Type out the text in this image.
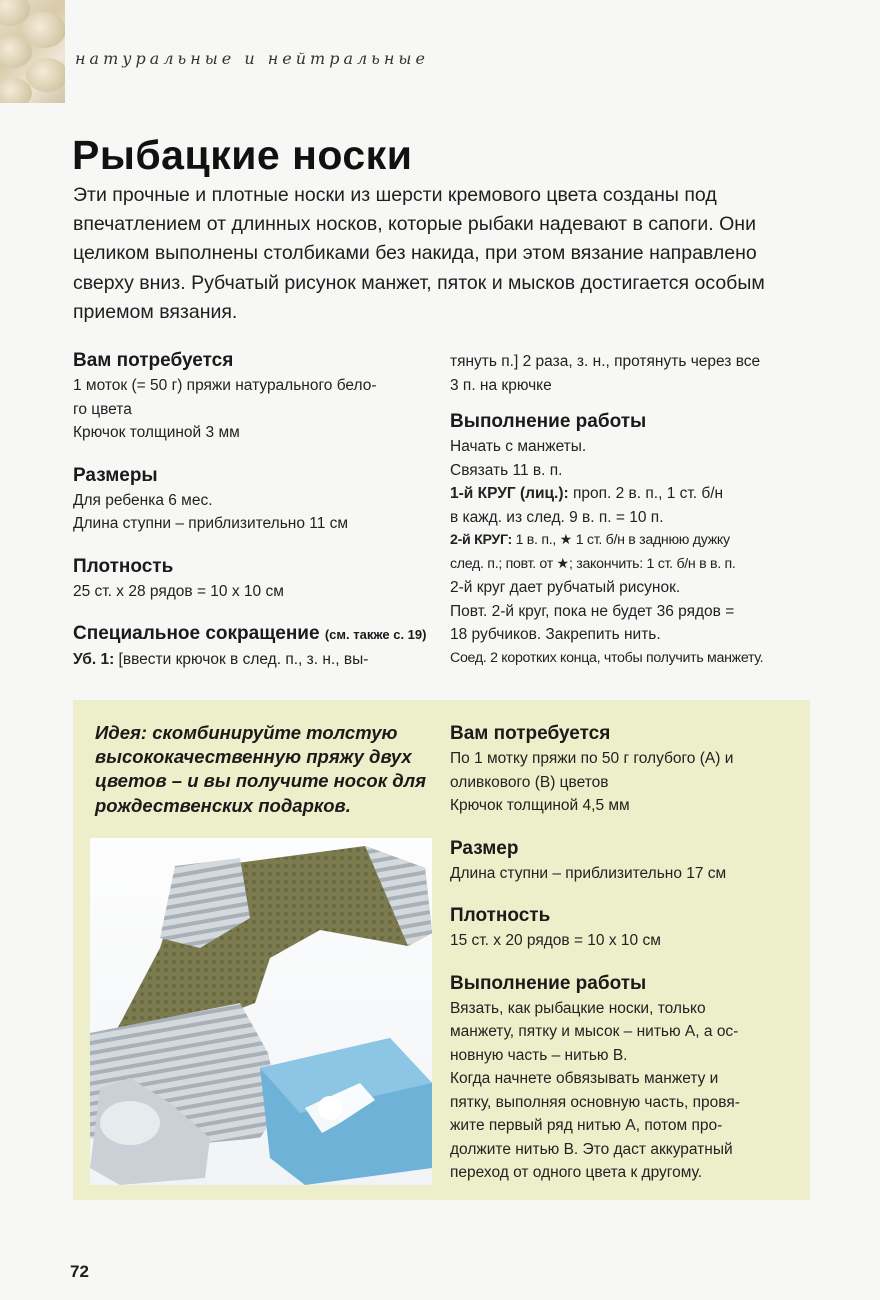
натуральные и нейтральные
Рыбацкие носки

Эти прочные и плотные носки из шерсти кремового цвета созданы под впечатлением от длинных носков, которые рыбаки надевают в сапоги. Они целиком выполнены столбиками без накида, при этом вязание направлено сверху вниз. Рубчатый рисунок манжет, пяток и мысков достигается особым приемом вязания.

Вам потребуется

1 моток (= 50 г) пряжи натурального бело-

го цвета

Крючок толщиной 3 мм

Размеры

Для ребенка 6 мес.

Длина ступни – приблизительно 11 см

Плотность

25 ст. х 28 рядов = 10 х 10 см

Специальное сокращение (см. также с. 19)

Уб. 1: [ввести крючок в след. п., з. н., вы-

тянуть п.] 2 раза, з. н., протянуть через все

3 п. на крючке

Выполнение работы

Начать с манжеты.

Связать 11 в. п.

1-й КРУГ (лиц.): проп. 2 в. п., 1 ст. б/н

в кажд. из след. 9 в. п. = 10 п.

2-й КРУГ: 1 в. п., ★ 1 ст. б/н в заднюю дужку

след. п.; повт. от ★; закончить: 1 ст. б/н в в. п.

2-й круг дает рубчатый рисунок.

Повт. 2-й круг, пока не будет 36 рядов =

18 рубчиков. Закрепить нить.

Соед. 2 коротких конца, чтобы получить манжету.

Идея: скомбинируйте толстую высококачественную пряжу двух цветов – и вы получите носок для рождественских подарков.

Вам потребуется

По 1 мотку пряжи по 50 г голубого (А) и

оливкового (В) цветов

Крючок толщиной 4,5 мм

Размер

Длина ступни – приблизительно 17 см

Плотность

15 ст. х 20 рядов = 10 х 10 см

Выполнение работы

Вязать, как рыбацкие носки, только

манжету, пятку и мысок – нитью А, а ос-

новную часть – нитью В.

Когда начнете обвязывать манжету и

пятку, выполняя основную часть, провя-

жите первый ряд нитью А, потом про-

должите нитью В. Это даст аккуратный

переход от одного цвета к другому.

72
